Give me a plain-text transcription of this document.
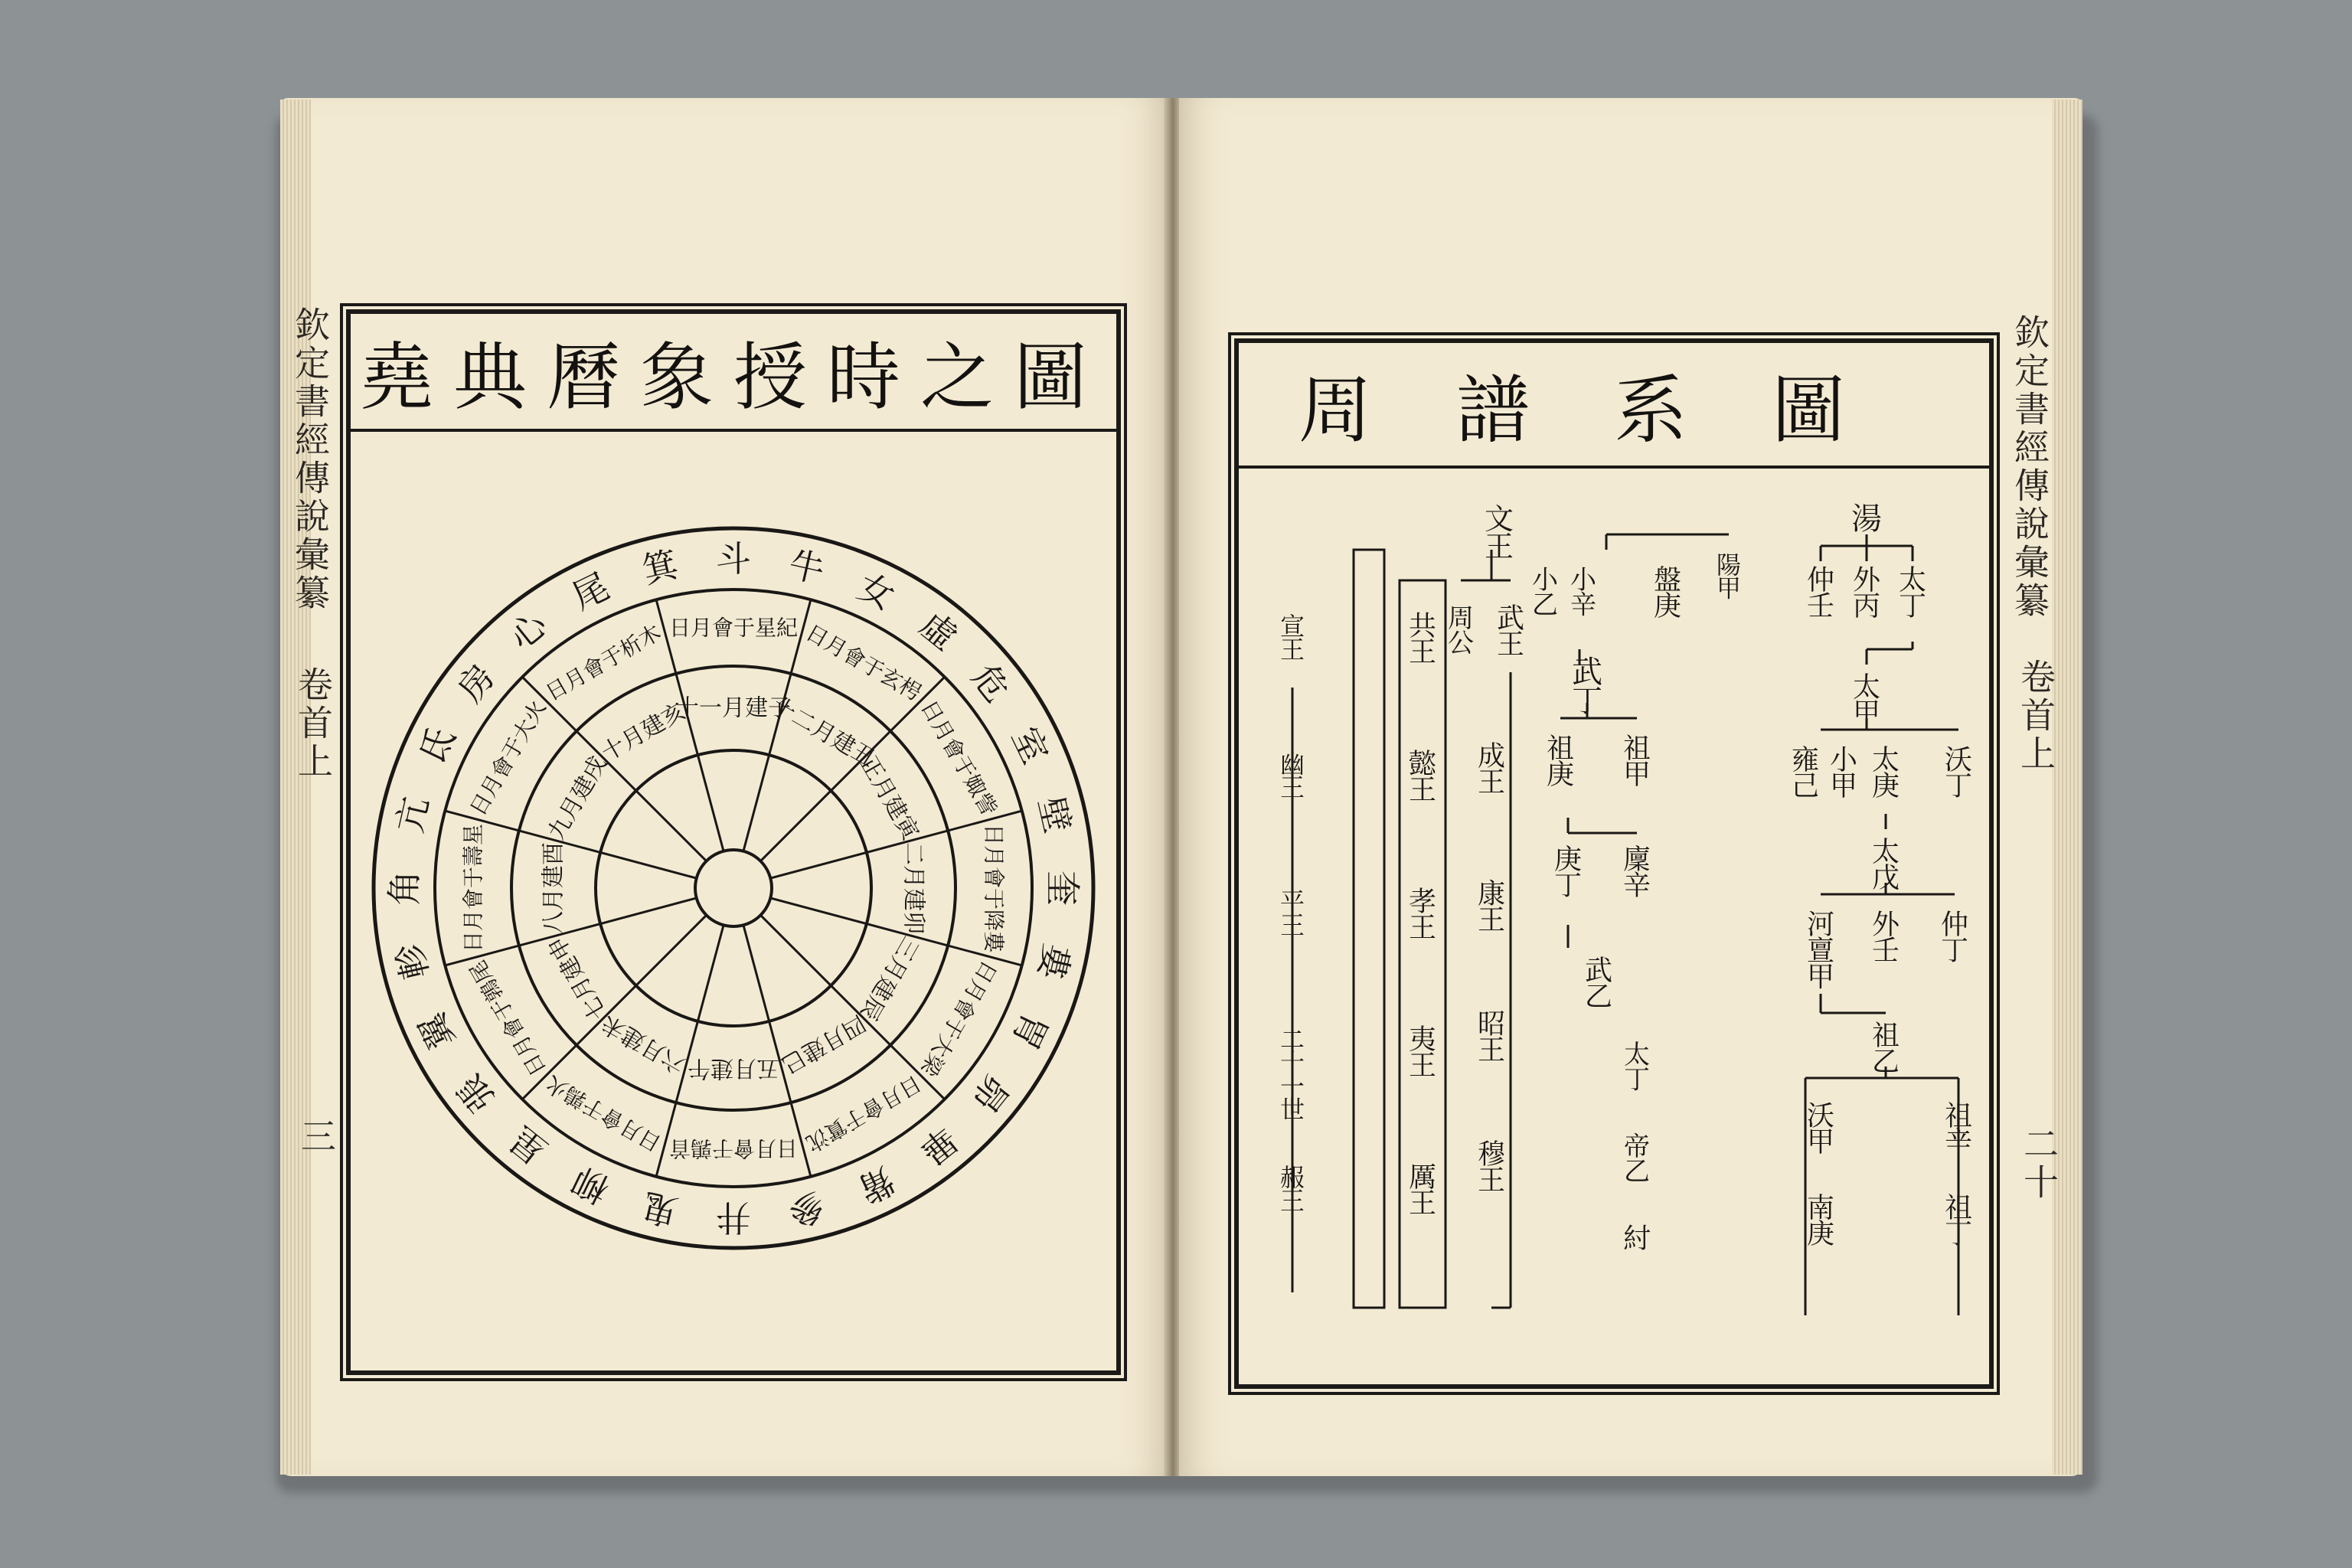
欽定書經傳說彙纂
卷首上
三
堯典曆象授時之圖
角
亢
氐
房
心
尾 箕 斗 牛 女
虛
危
室
壁
奎
婁
胃
昴
畢
觜
參
井
鬼
柳
星
張
翼
軫
日月會于壽星
日月會于大火
日月會于析木 日月會于星紀 日月會于玄枵
日月會于娵訾
日月會于降婁
日月會于大梁
日月會于實沈
日月會于鶉首
日月會于鶉火
日月會于鶉尾
八月建酉
九月建戌
十月建亥
十一月建子
十二月建丑
正月建寅
二月建卯
三月建辰
四月建巳
五月建午
六月建未
七月建申
欽定書經傳說彙纂
卷首上
二十
周譜系圖
湯
太
丁
外
丙
仲
壬
太
甲
沃
丁
太
庚
小
甲
雍
己
太
戊
仲
丁
外
壬
河
亶
甲
祖
乙
祖
辛
沃
甲
祖
丁
南
庚
陽
甲
盤
庚
小
辛
小
乙
武
丁
祖
庚
祖
甲
庚
丁
廩
辛
武
乙
太
丁
帝
乙
紂
文
王
武
王
周
公
成
王
康
王
昭
王
穆
王
共
王
懿
王
孝
王
夷
王
厲
王
宣
王
幽
王
平
王
二
十
一
世
赧
王
